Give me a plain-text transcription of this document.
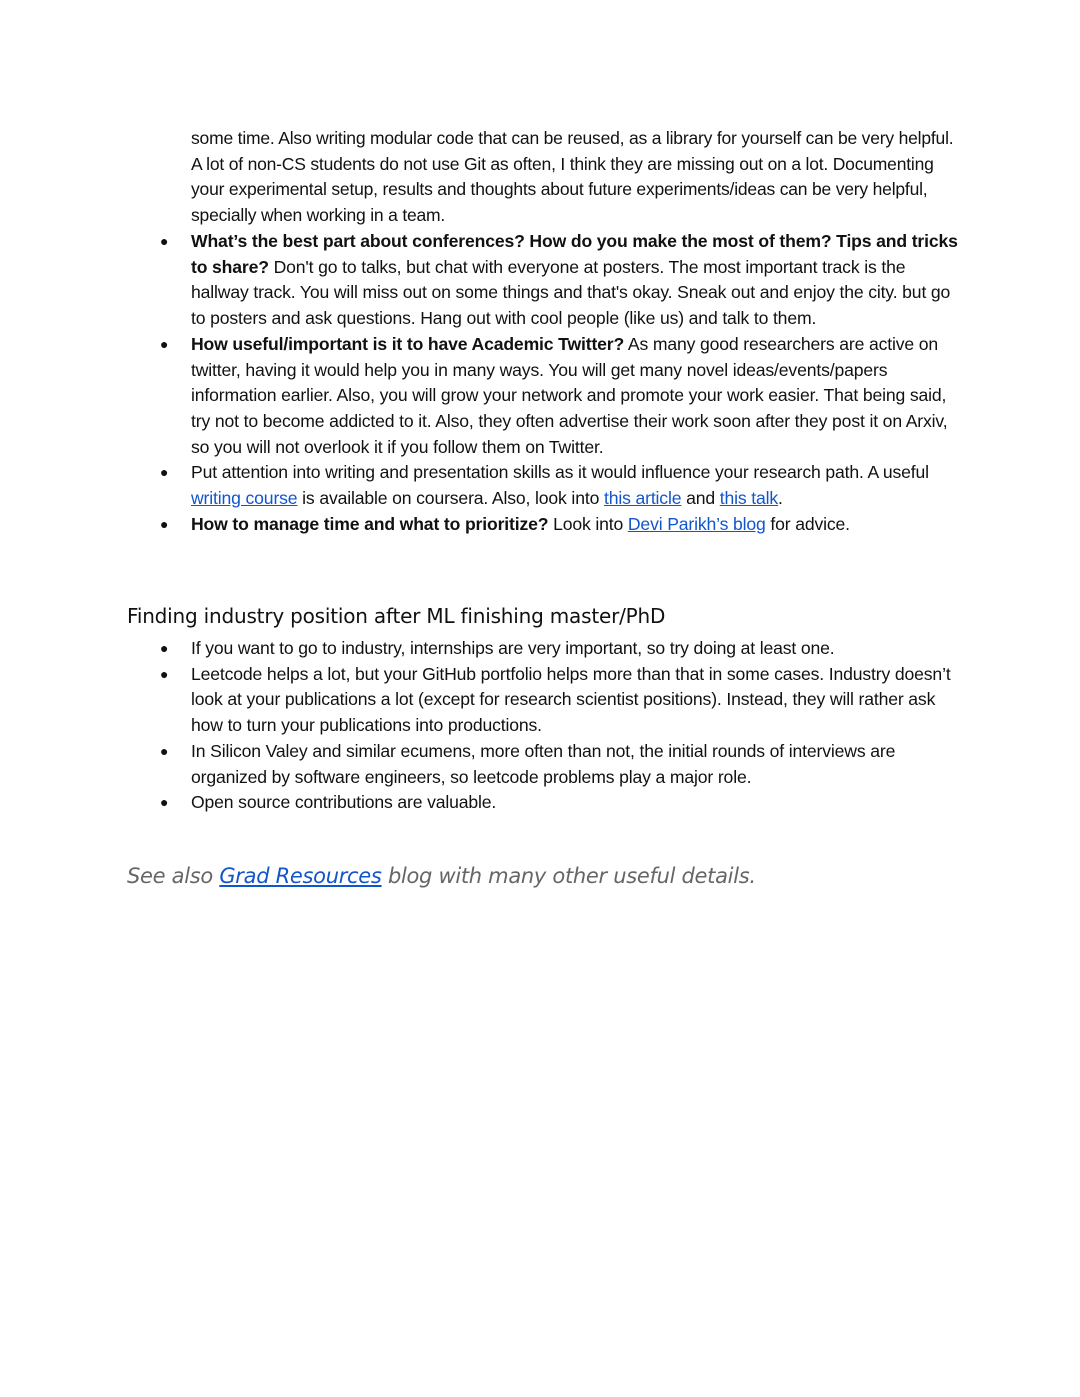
some time. Also writing modular code that can be reused, as a library for yourself can be very helpful. A lot of non-CS students do not use Git as often, I think they are missing out on a lot. Documenting your experimental setup, results and thoughts about future experiments/ideas can be very helpful, specially when working in a team.
●	What’s the best part about conferences? How do you make the most of them? Tips and tricks to share? Don't go to talks, but chat with everyone at posters. The most important track is the hallway track. You will miss out on some things and that's okay. Sneak out and enjoy the city. but go to posters and ask questions. Hang out with cool people (like us) and talk to them.
●	How useful/important is it to have Academic Twitter? As many good researchers are active on twitter, having it would help you in many ways. You will get many novel ideas/events/papers information earlier. Also, you will grow your network and promote your work easier. That being said, try not to become addicted to it. Also, they often advertise their work soon after they post it on Arxiv, so you will not overlook it if you follow them on Twitter.
●	Put attention into writing and presentation skills as it would influence your research path. A useful writing course is available on coursera. Also, look into this article and this talk.
●	How to manage time and what to prioritize? Look into Devi Parikh’s blog for advice.
Finding industry position after ML finishing master/PhD
●	If you want to go to industry, internships are very important, so try doing at least one.
●	Leetcode helps a lot, but your GitHub portfolio helps more than that in some cases. Industry doesn’t look at your publications a lot (except for research scientist positions). Instead, they will rather ask how to turn your publications into productions.
●	In Silicon Valey and similar ecumens, more often than not, the initial rounds of interviews are organized by software engineers, so leetcode problems play a major role.
●	Open source contributions are valuable.
See also Grad Resources blog with many other useful details.
